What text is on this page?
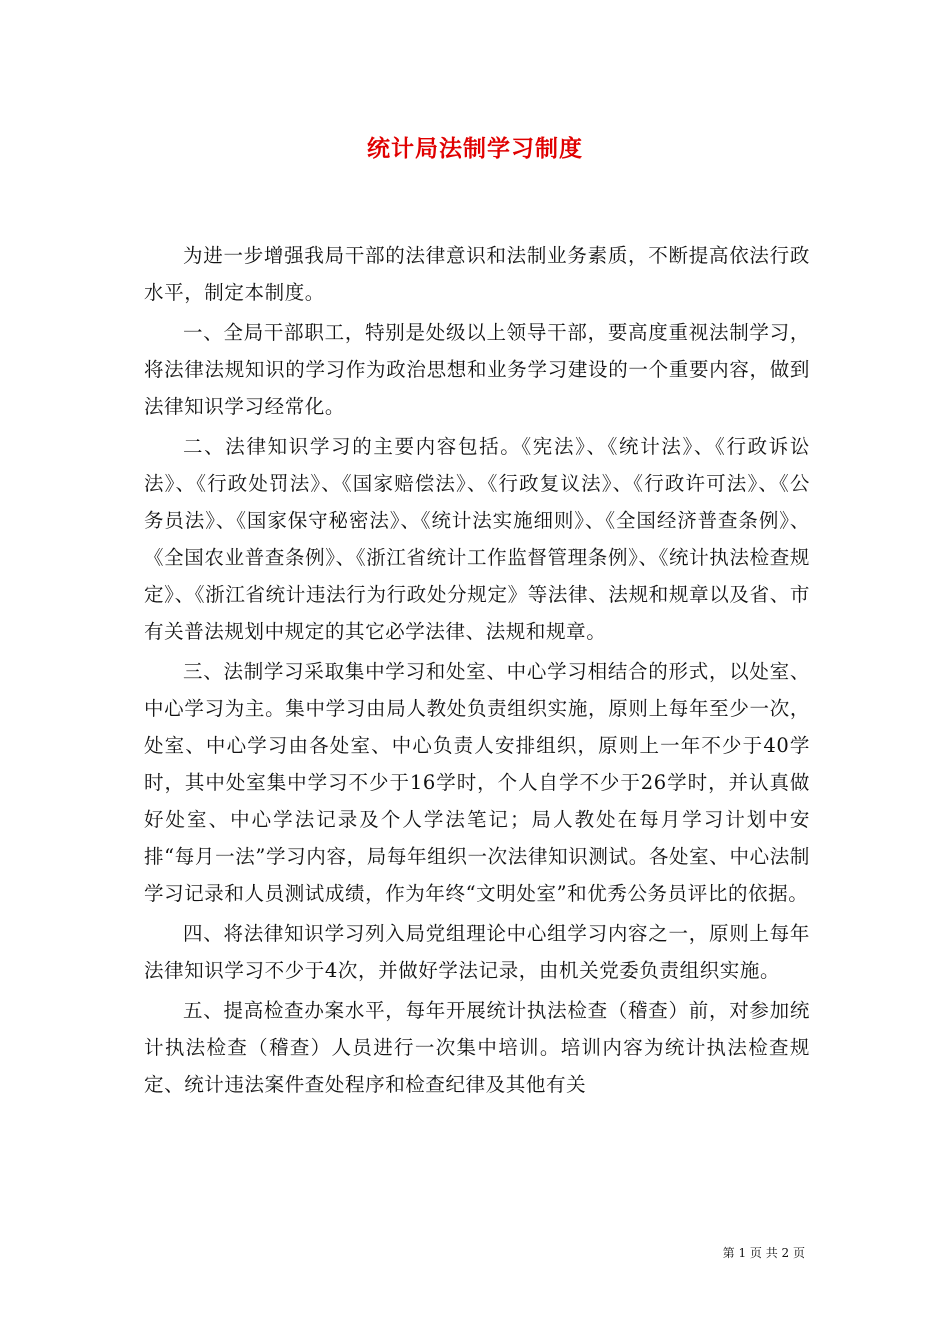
统计局法制学习制度

为进一步增强我局干部的法律意识和法制业务素质，不断提高依法行政水平，制定本制度。

一、全局干部职工，特别是处级以上领导干部，要高度重视法制学习，将法律法规知识的学习作为政治思想和业务学习建设的一个重要内容，做到法律知识学习经常化。

二、法律知识学习的主要内容包括。《宪法》、《统计法》、《行政诉讼法》、《行政处罚法》、《国家赔偿法》、《行政复议法》、《行政许可法》、《公务员法》、《国家保守秘密法》、《统计法实施细则》、《全国经济普查条例》、《全国农业普查条例》、《浙江省统计工作监督管理条例》、《统计执法检查规定》、《浙江省统计违法行为行政处分规定》等法律、法规和规章以及省、市有关普法规划中规定的其它必学法律、法规和规章。

三、法制学习采取集中学习和处室、中心学习相结合的形式，以处室、中心学习为主。集中学习由局人教处负责组织实施，原则上每年至少一次，处室、中心学习由各处室、中心负责人安排组织，原则上一年不少于40学时，其中处室集中学习不少于16学时，个人自学不少于26学时，并认真做好处室、中心学法记录及个人学法笔记；局人教处在每月学习计划中安排“每月一法”学习内容，局每年组织一次法律知识测试。各处室、中心法制学习记录和人员测试成绩，作为年终“文明处室”和优秀公务员评比的依据。

四、将法律知识学习列入局党组理论中心组学习内容之一，原则上每年法律知识学习不少于4次，并做好学法记录，由机关党委负责组织实施。

五、提高检查办案水平，每年开展统计执法检查（稽查）前，对参加统计执法检查（稽查）人员进行一次集中培训。培训内容为统计执法检查规定、统计违法案件查处程序和检查纪律及其他有关

第 1 页 共 2 页
